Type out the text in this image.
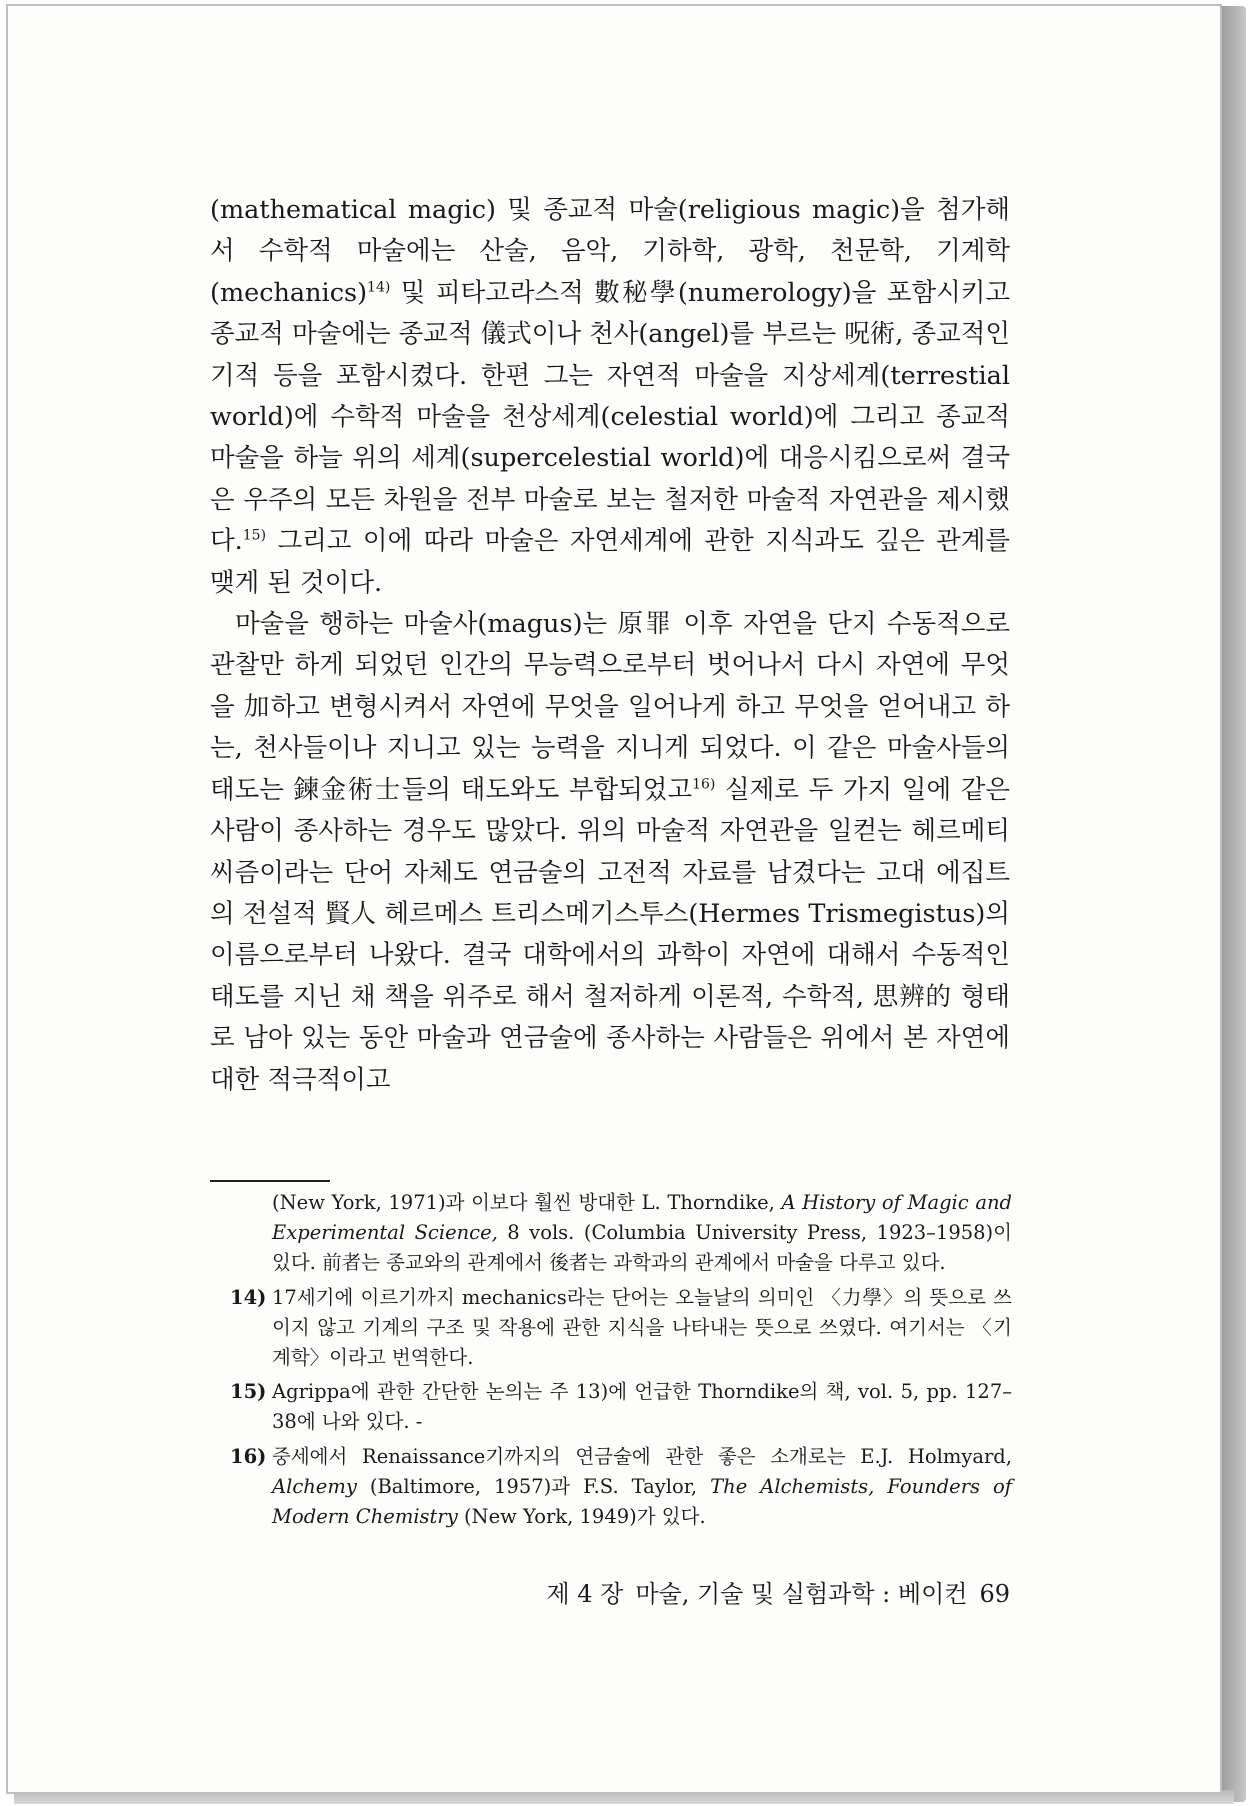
(mathematical magic) 및 종교적 마술(religious magic)을 첨가해서 수학적 마술에는 산술, 음악, 기하학, 광학, 천문학, 기계학(mechanics)$^{14)}$ 및 피타고라스적 數秘學(numerology)을 포함시키고 종교적 마술에는 종교적 儀式이나 천사(angel)를 부르는 呪術, 종교적인 기적 등을 포함시켰다. 한편 그는 자연적 마술을 지상세계(terrestial world)에 수학적 마술을 천상세계(celestial world)에 그리고 종교적 마술을 하늘 위의 세계(supercelestial world)에 대응시킴으로써 결국은 우주의 모든 차원을 전부 마술로 보는 철저한 마술적 자연관을 제시했다.$^{15)}$ 그리고 이에 따라 마술은 자연세계에 관한 지식과도 깊은 관계를 맺게 된 것이다.

마술을 행하는 마술사(magus)는 原罪 이후 자연을 단지 수동적으로 관찰만 하게 되었던 인간의 무능력으로부터 벗어나서 다시 자연에 무엇을 加하고 변형시켜서 자연에 무엇을 일어나게 하고 무엇을 얻어내고 하는, 천사들이나 지니고 있는 능력을 지니게 되었다. 이 같은 마술사들의 태도는 鍊金術士들의 태도와도 부합되었고$^{16)}$ 실제로 두 가지 일에 같은 사람이 종사하는 경우도 많았다. 위의 마술적 자연관을 일컫는 헤르메티씨즘이라는 단어 자체도 연금술의 고전적 자료를 남겼다는 고대 에집트의 전설적 賢人 헤르메스 트리스메기스투스(Hermes Trismegistus)의 이름으로부터 나왔다. 결국 대학에서의 과학이 자연에 대해서 수동적인 태도를 지닌 채 책을 위주로 해서 철저하게 이론적, 수학적, 思辨的 형태로 남아 있는 동안 마술과 연금술에 종사하는 사람들은 위에서 본 자연에 대한 적극적이고

(New York, 1971)과 이보다 훨씬 방대한 L. Thorndike, A History of Magic and Experimental Science, 8 vols. (Columbia University Press, 1923–1958)이 있다. 前者는 종교와의 관계에서 後者는 과학과의 관계에서 마술을 다루고 있다.
14) 17세기에 이르기까지 mechanics라는 단어는 오늘날의 의미인 〈力學〉의 뜻으로 쓰이지 않고 기계의 구조 및 작용에 관한 지식을 나타내는 뜻으로 쓰였다. 여기서는 〈기계학〉이라고 번역한다.
15) Agrippa에 관한 간단한 논의는 주 13)에 언급한 Thorndike의 책, vol. 5, pp. 127–38에 나와 있다. -
16) 중세에서 Renaissance기까지의 연금술에 관한 좋은 소개로는 E.J. Holmyard, Alchemy (Baltimore, 1957)과 F.S. Taylor, The Alchemists, Founders of Modern Chemistry (New York, 1949)가 있다.
제 4 장 마술, 기술 및 실험과학 : 베이컨 69
